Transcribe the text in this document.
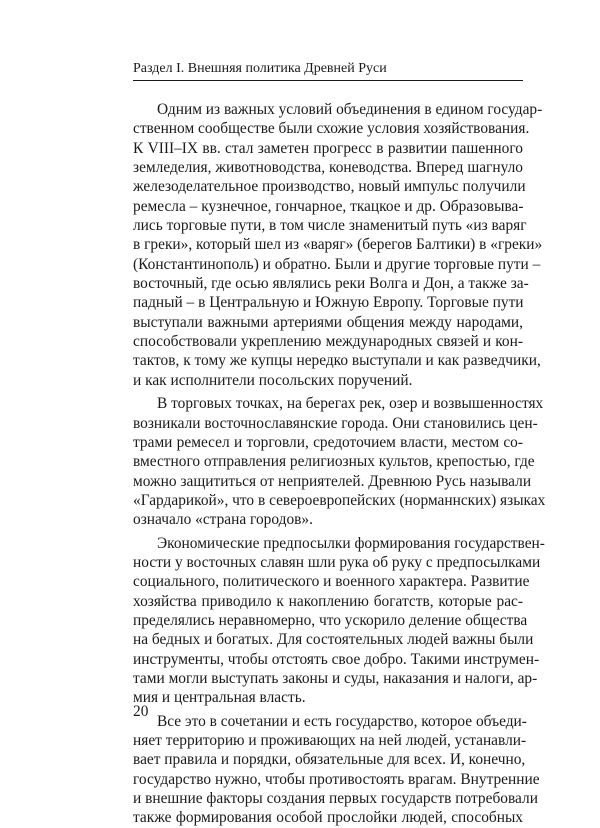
Раздел I. Внешняя политика Древней Руси

Одним из важных условий объединения в едином государ-
ственном сообществе были схожие условия хозяйствования.
К VIII–IX вв. стал заметен прогресс в развитии пашенного
земледелия, животноводства, коневодства. Вперед шагнуло
железоделательное производство, новый импульс получили
ремесла – кузнечное, гончарное, ткацкое и др. Образовыва-
лись торговые пути, в том числе знаменитый путь «из варяг
в греки», который шел из «варяг» (берегов Балтики) в «греки»
(Константинополь) и обратно. Были и другие торговые пути –
восточный, где осью являлись реки Волга и Дон, а также за-
падный – в Центральную и Южную Европу. Торговые пути
выступали важными артериями общения между народами,
способствовали укреплению международных связей и кон-
тактов, к тому же купцы нередко выступали и как разведчики,
и как исполнители посольских поручений.

В торговых точках, на берегах рек, озер и возвышенностях
возникали восточнославянские города. Они становились цен-
трами ремесел и торговли, средоточием власти, местом со-
вместного отправления религиозных культов, крепостью, где
можно защититься от неприятелей. Древнюю Русь называли
«Гардарикой», что в североевропейских (норманнских) языках
означало «страна городов».

Экономические предпосылки формирования государствен-
ности у восточных славян шли рука об руку с предпосылками
социального, политического и военного характера. Развитие
хозяйства приводило к накоплению богатств, которые рас-
пределялись неравномерно, что ускорило деление общества
на бедных и богатых. Для состоятельных людей важны были
инструменты, чтобы отстоять свое добро. Такими инструмен-
тами могли выступать законы и суды, наказания и налоги, ар-
мия и центральная власть.

Все это в сочетании и есть государство, которое объеди-
няет территорию и проживающих на ней людей, устанавли-
вает правила и порядки, обязательные для всех. И, конечно,
государство нужно, чтобы противостоять врагам. Внутренние
и внешние факторы создания первых государств потребовали
также формирования особой прослойки людей, способных

20
